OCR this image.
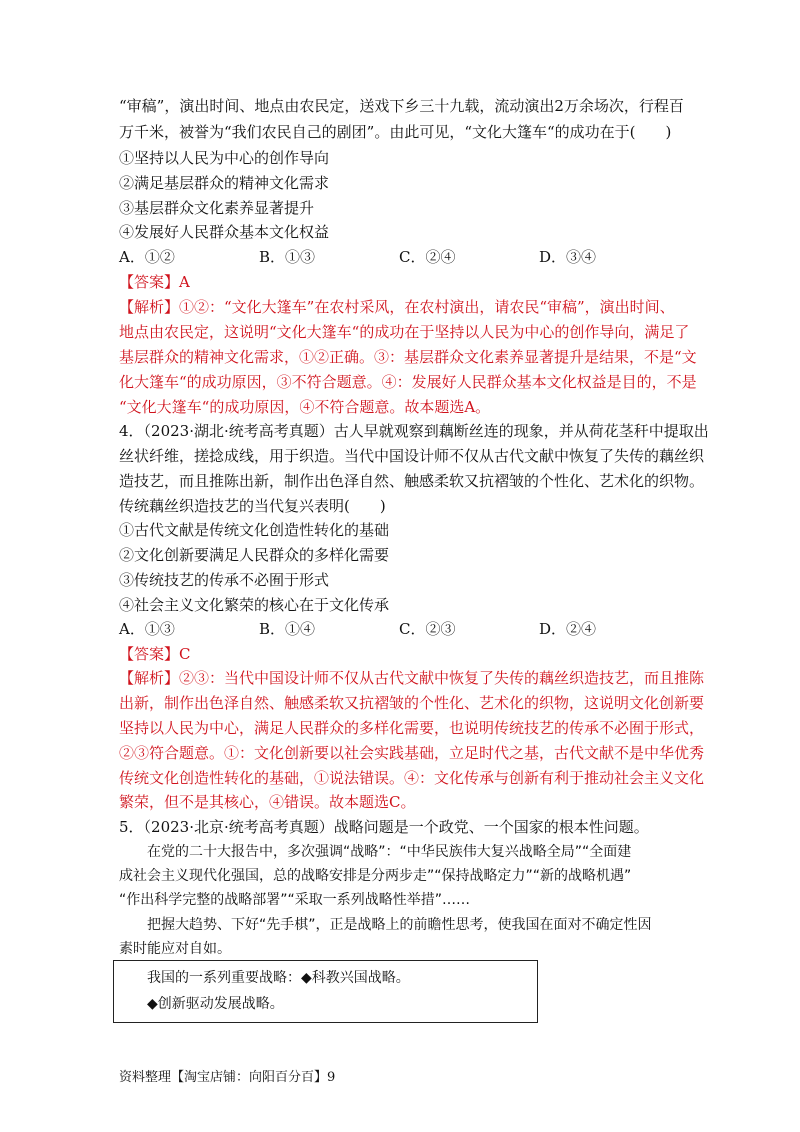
“审稿”，演出时间、地点由农民定，送戏下乡三十九载，流动演出2万余场次，行程百
万千米，被誉为“我们农民自己的剧团”。由此可见，“文化大篷车“的成功在于(　　)
①坚持以人民为中心的创作导向
②满足基层群众的精神文化需求
③基层群众文化素养显著提升
④发展好人民群众基本文化权益
A．①②	B．①③	C．②④	D．③④
【答案】A
【解析】①②：“文化大篷车”在农村采风，在农村演出，请农民“审稿”，演出时间、
地点由农民定，这说明“文化大篷车“的成功在于坚持以人民为中心的创作导向，满足了
基层群众的精神文化需求，①②正确。③：基层群众文化素养显著提升是结果，不是“文
化大篷车“的成功原因，③不符合题意。④：发展好人民群众基本文化权益是目的，不是
“文化大篷车“的成功原因，④不符合题意。故本题选A。
4．（2023·湖北·统考高考真题）古人早就观察到藕断丝连的现象，并从荷花茎秆中提取出
丝状纤维，搓捻成线，用于织造。当代中国设计师不仅从古代文献中恢复了失传的藕丝织
造技艺，而且推陈出新，制作出色泽自然、触感柔软又抗褶皱的个性化、艺术化的织物。
传统藕丝织造技艺的当代复兴表明(　　)
①古代文献是传统文化创造性转化的基础
②文化创新要满足人民群众的多样化需要
③传统技艺的传承不必囿于形式
④社会主义文化繁荣的核心在于文化传承
A．①③	B．①④	C．②③	D．②④
【答案】C
【解析】②③：当代中国设计师不仅从古代文献中恢复了失传的藕丝织造技艺，而且推陈
出新，制作出色泽自然、触感柔软又抗褶皱的个性化、艺术化的织物，这说明文化创新要
坚持以人民为中心，满足人民群众的多样化需要，也说明传统技艺的传承不必囿于形式，
②③符合题意。①：文化创新要以社会实践基础，立足时代之基，古代文献不是中华优秀
传统文化创造性转化的基础，①说法错误。④：文化传承与创新有利于推动社会主义文化
繁荣，但不是其核心，④错误。故本题选C。
5．（2023·北京·统考高考真题）战略问题是一个政党、一个国家的根本性问题。
　　在党的二十大报告中，多次强调“战略”：“中华民族伟大复兴战略全局”“全面建
成社会主义现代化强国，总的战略安排是分两步走”“保持战略定力”“新的战略机遇”
“作出科学完整的战略部署”“采取一系列战略性举措”……
　　把握大趋势、下好“先手棋”，正是战略上的前瞻性思考，使我国在面对不确定性因
素时能应对自如。
我国的一系列重要战略：◆科教兴国战略。
◆创新驱动发展战略。
资料整理【淘宝店铺：向阳百分百】9
